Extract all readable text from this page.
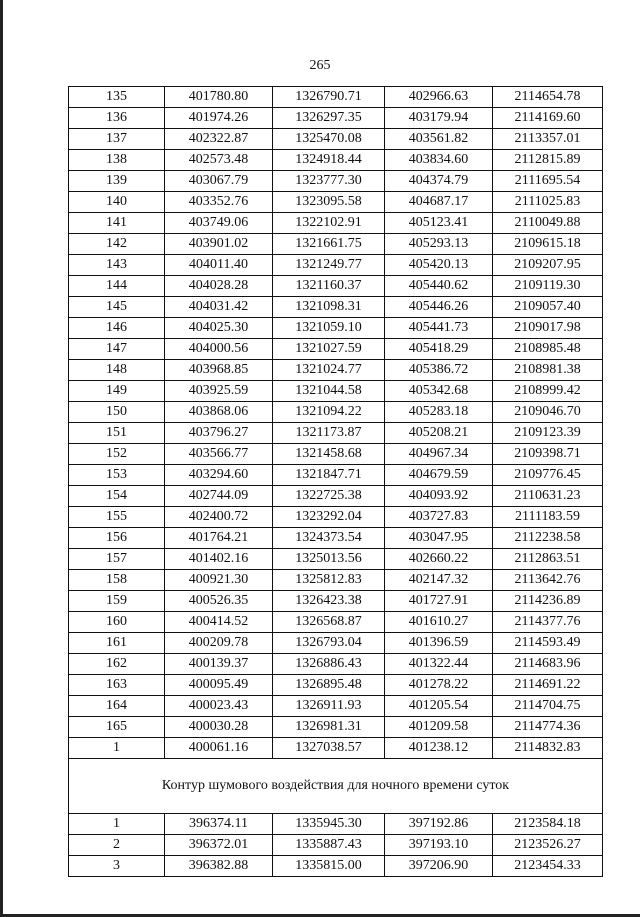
265
135	401780.80	1326790.71	402966.63	2114654.78
136	401974.26	1326297.35	403179.94	2114169.60
137	402322.87	1325470.08	403561.82	2113357.01
138	402573.48	1324918.44	403834.60	2112815.89
139	403067.79	1323777.30	404374.79	2111695.54
140	403352.76	1323095.58	404687.17	2111025.83
141	403749.06	1322102.91	405123.41	2110049.88
142	403901.02	1321661.75	405293.13	2109615.18
143	404011.40	1321249.77	405420.13	2109207.95
144	404028.28	1321160.37	405440.62	2109119.30
145	404031.42	1321098.31	405446.26	2109057.40
146	404025.30	1321059.10	405441.73	2109017.98
147	404000.56	1321027.59	405418.29	2108985.48
148	403968.85	1321024.77	405386.72	2108981.38
149	403925.59	1321044.58	405342.68	2108999.42
150	403868.06	1321094.22	405283.18	2109046.70
151	403796.27	1321173.87	405208.21	2109123.39
152	403566.77	1321458.68	404967.34	2109398.71
153	403294.60	1321847.71	404679.59	2109776.45
154	402744.09	1322725.38	404093.92	2110631.23
155	402400.72	1323292.04	403727.83	2111183.59
156	401764.21	1324373.54	403047.95	2112238.58
157	401402.16	1325013.56	402660.22	2112863.51
158	400921.30	1325812.83	402147.32	2113642.76
159	400526.35	1326423.38	401727.91	2114236.89
160	400414.52	1326568.87	401610.27	2114377.76
161	400209.78	1326793.04	401396.59	2114593.49
162	400139.37	1326886.43	401322.44	2114683.96
163	400095.49	1326895.48	401278.22	2114691.22
164	400023.43	1326911.93	401205.54	2114704.75
165	400030.28	1326981.31	401209.58	2114774.36
1	400061.16	1327038.57	401238.12	2114832.83
Контур шумового воздействия для ночного времени суток				
1	396374.11	1335945.30	397192.86	2123584.18
2	396372.01	1335887.43	397193.10	2123526.27
3	396382.88	1335815.00	397206.90	2123454.33
